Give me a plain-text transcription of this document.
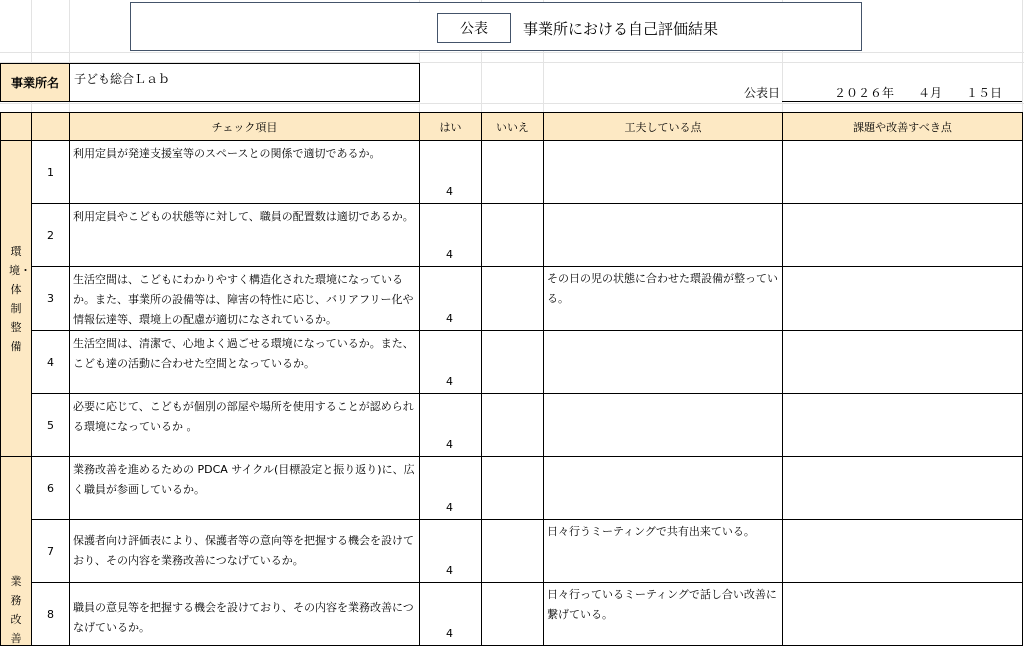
公表	事業所における自己評価結果
事業所名	子ども総合Ｌａｂ
公表日	２０２６年　　４月　　１５日
		チェック項目	はい	いいえ	工夫している点	課題や改善すべき点
環境・体制整備	1	利用定員が発達支援室等のスペースとの関係で適切であるか。	4			

	2	利用定員やこどもの状態等に対して、職員の配置数は適切であるか。	4			

	3	生活空間は、こどもにわかりやすく構造化された環境になっているか。また、事業所の設備等は、障害の特性に応じ、バリアフリー化や情報伝達等、環境上の配慮が適切になされているか。	4		その日の児の状態に合わせた環設備が整っている。	
	4	生活空間は、清潔で、心地よく過ごせる環境になっているか。また、こども達の活動に合わせた空間となっているか。	4			

	5	必要に応じて、こどもが個別の部屋や場所を使用することが認められる環境になっているか 。	4			

業務改善	6	業務改善を進めるための PDCA サイクル(目標設定と振り返り)に、広く職員が参画しているか。	4			

	7	保護者向け評価表により、保護者等の意向等を把握する機会を設けており、その内容を業務改善につなげているか。	4		日々行うミーティングで共有出来ている。	
	8	職員の意見等を把握する機会を設けており、その内容を業務改善につなげているか。	4		日々行っているミーティングで話し合い改善に繋げている。	
